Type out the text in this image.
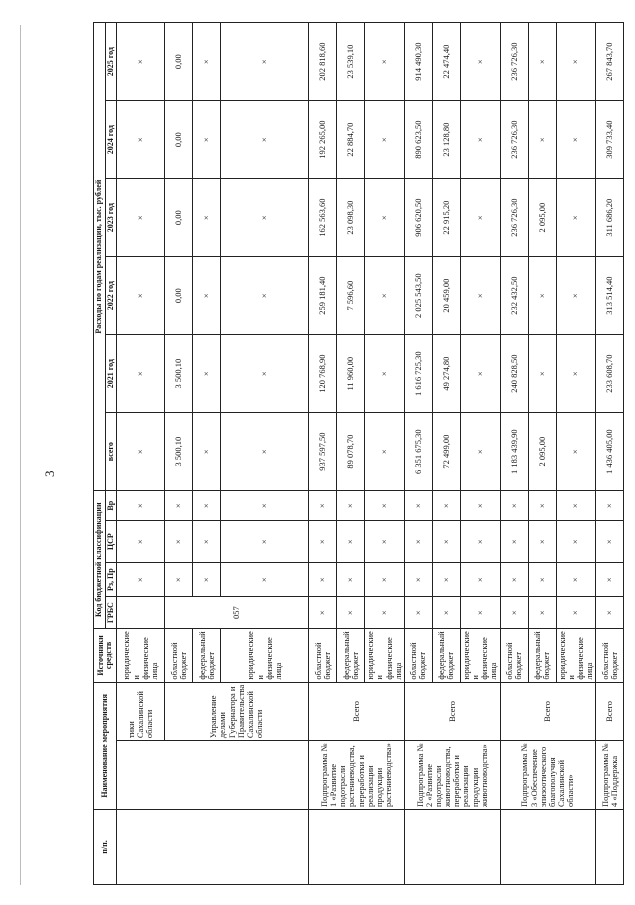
3
п/п.	Наименование мероприятия		Источники средств	Код бюджетной классификации				Расходы по годам реализации, тыс. рублей					
				ГРБС	Рз, Пр	ЦСР	Вр	всего	2021 год	2022 год	2023 год	2024 год	2025 год
		тики Сахалинской области	юридические и физические лица		×	×	×	×	×	×	×	×	×
		Управление делами Губернатора и Правительства Сахалинской области	областной бюджет	057	×	×	×	3 500,10	3 500,10	0,00	0,00	0,00	0,00
			федеральный бюджет		×	×	×	×	×	×	×	×	×
			юридические и физические лица		×	×	×	×	×	×	×	×	×
	Подпрограмма № 1 «Развитие подотрасли растениеводства, переработки и реализации продукции растениеводства»	Всего	областной бюджет	×	×	×	×	937 597,50	120 768,90	259 181,40	162 563,60	192 265,00	202 818,60
			федеральный бюджет	×	×	×	×	89 078,70	11 960,00	7 596,60	23 098,30	22 884,70	23 539,10
			юридические и физические лица	×	×	×	×	×	×	×	×	×	×
	Подпрограмма № 2 «Развитие подотрасли животноводства, переработки и реализации продукции животноводства»	Всего	областной бюджет	×	×	×	×	6 351 675,30	1 616 725,30	2 025 543,50	906 620,50	890 623,50	914 490,30
			федеральный бюджет	×	×	×	×	72 499,00	49 274,80	20 459,00	22 915,20	23 128,80	22 474,40
			юридические и физические лица	×	×	×	×	×	×	×	×	×	×
	Подпрограмма № 3 «Обеспечение эпизоотического благополучия Сахалинской области»	Всего	областной бюджет	×	×	×	×	1 183 439,90	240 828,50	232 432,50	236 726,30	236 726,30	236 726,30
			федеральный бюджет	×	×	×	×	2 095,00	×	×	2 095,00	×	×
			юридические и физические лица	×	×	×	×	×	×	×	×	×	×
	Подпрограмма № 4 «Поддержка	Всего	областной бюджет	×	×	×	×	1 436 405,00	233 608,70	313 514,40	311 686,20	309 733,40	267 843,70
